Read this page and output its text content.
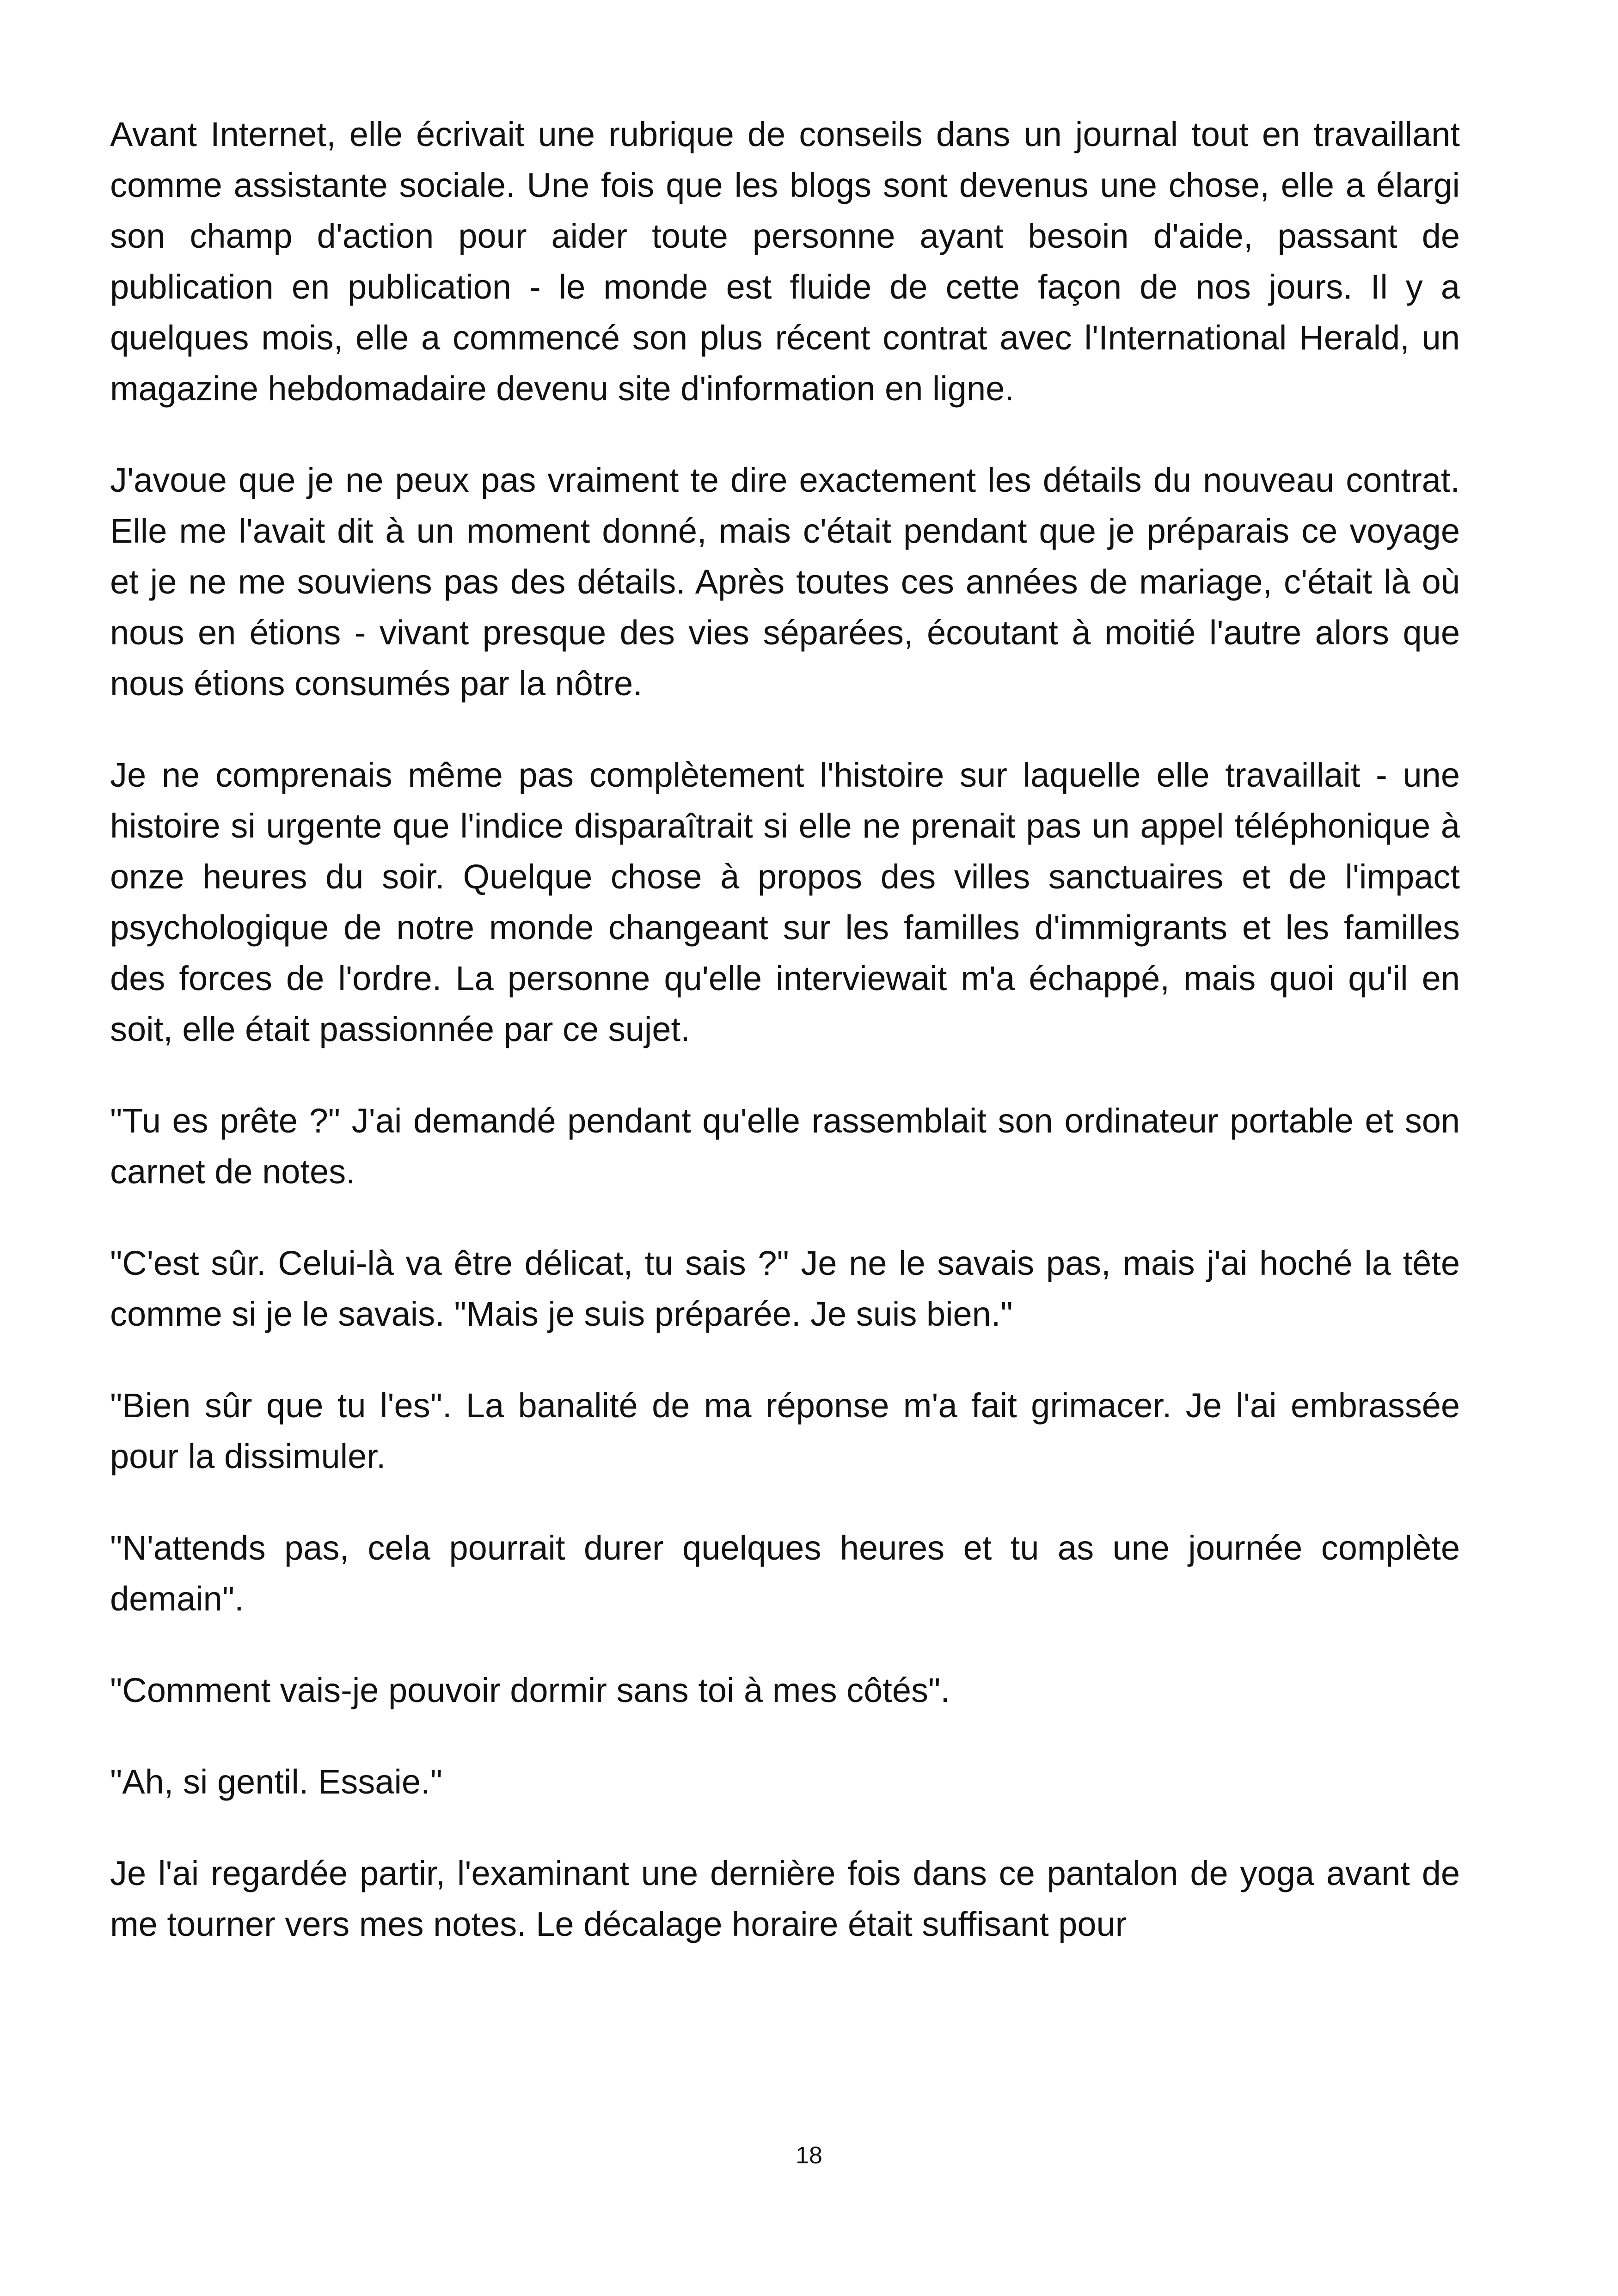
Avant Internet, elle écrivait une rubrique de conseils dans un journal tout en travaillant comme assistante sociale. Une fois que les blogs sont devenus une chose, elle a élargi son champ d'action pour aider toute personne ayant besoin d'aide, passant de publication en publication - le monde est fluide de cette façon de nos jours. Il y a quelques mois, elle a commencé son plus récent contrat avec l'International Herald, un magazine hebdomadaire devenu site d'information en ligne.

J'avoue que je ne peux pas vraiment te dire exactement les détails du nouveau contrat. Elle me l'avait dit à un moment donné, mais c'était pendant que je préparais ce voyage et je ne me souviens pas des détails. Après toutes ces années de mariage, c'était là où nous en étions - vivant presque des vies séparées, écoutant à moitié l'autre alors que nous étions consumés par la nôtre.

Je ne comprenais même pas complètement l'histoire sur laquelle elle travaillait - une histoire si urgente que l'indice disparaîtrait si elle ne prenait pas un appel téléphonique à onze heures du soir. Quelque chose à propos des villes sanctuaires et de l'impact psychologique de notre monde changeant sur les familles d'immigrants et les familles des forces de l'ordre. La personne qu'elle interviewait m'a échappé, mais quoi qu'il en soit, elle était passionnée par ce sujet.

"Tu es prête ?" J'ai demandé pendant qu'elle rassemblait son ordinateur portable et son carnet de notes.

"C'est sûr. Celui-là va être délicat, tu sais ?" Je ne le savais pas, mais j'ai hoché la tête comme si je le savais. "Mais je suis préparée. Je suis bien."

"Bien sûr que tu l'es". La banalité de ma réponse m'a fait grimacer. Je l'ai embrassée pour la dissimuler.

"N'attends pas, cela pourrait durer quelques heures et tu as une journée complète demain".

"Comment vais-je pouvoir dormir sans toi à mes côtés".

"Ah, si gentil. Essaie."

Je l'ai regardée partir, l'examinant une dernière fois dans ce pantalon de yoga avant de me tourner vers mes notes. Le décalage horaire était suffisant pour

18
